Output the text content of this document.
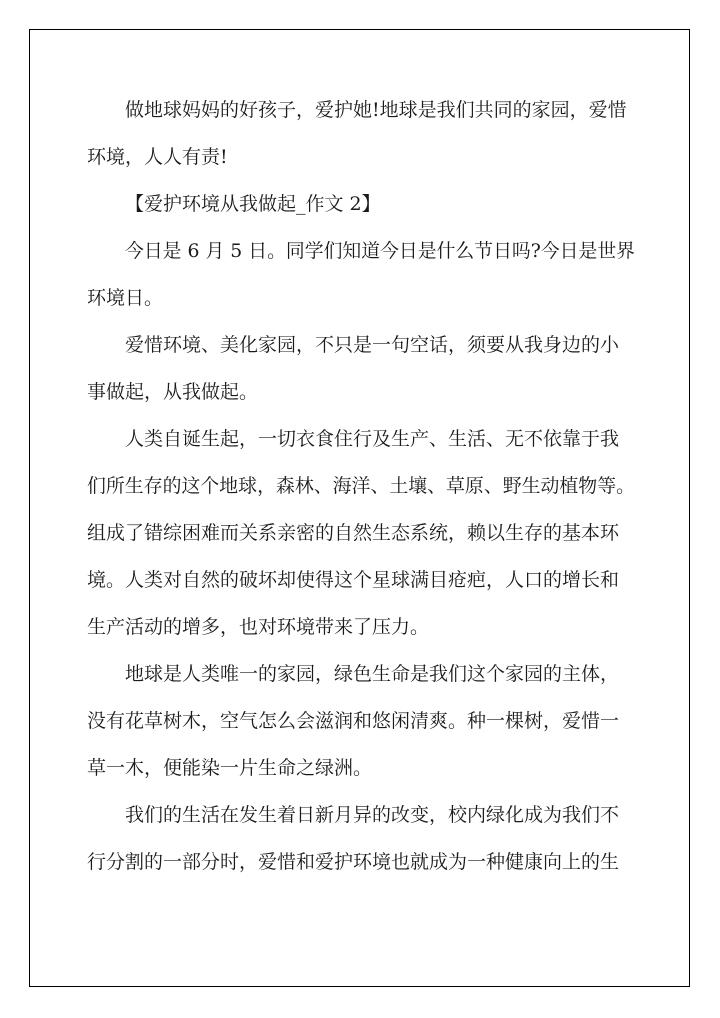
做地球妈妈的好孩子，爱护她!地球是我们共同的家园，爱惜
环境，人人有责!
【爱护环境从我做起_作文 2】
今日是 6 月 5 日。同学们知道今日是什么节日吗?今日是世界
环境日。
爱惜环境、美化家园，不只是一句空话，须要从我身边的小
事做起，从我做起。
人类自诞生起，一切衣食住行及生产、生活、无不依靠于我
们所生存的这个地球，森林、海洋、土壤、草原、野生动植物等。
组成了错综困难而关系亲密的自然生态系统，赖以生存的基本环
境。人类对自然的破坏却使得这个星球满目疮疤，人口的增长和
生产活动的增多，也对环境带来了压力。
地球是人类唯一的家园，绿色生命是我们这个家园的主体，
没有花草树木，空气怎么会滋润和悠闲清爽。种一棵树，爱惜一
草一木，便能染一片生命之绿洲。
我们的生活在发生着日新月异的改变，校内绿化成为我们不
行分割的一部分时，爱惜和爱护环境也就成为一种健康向上的生
